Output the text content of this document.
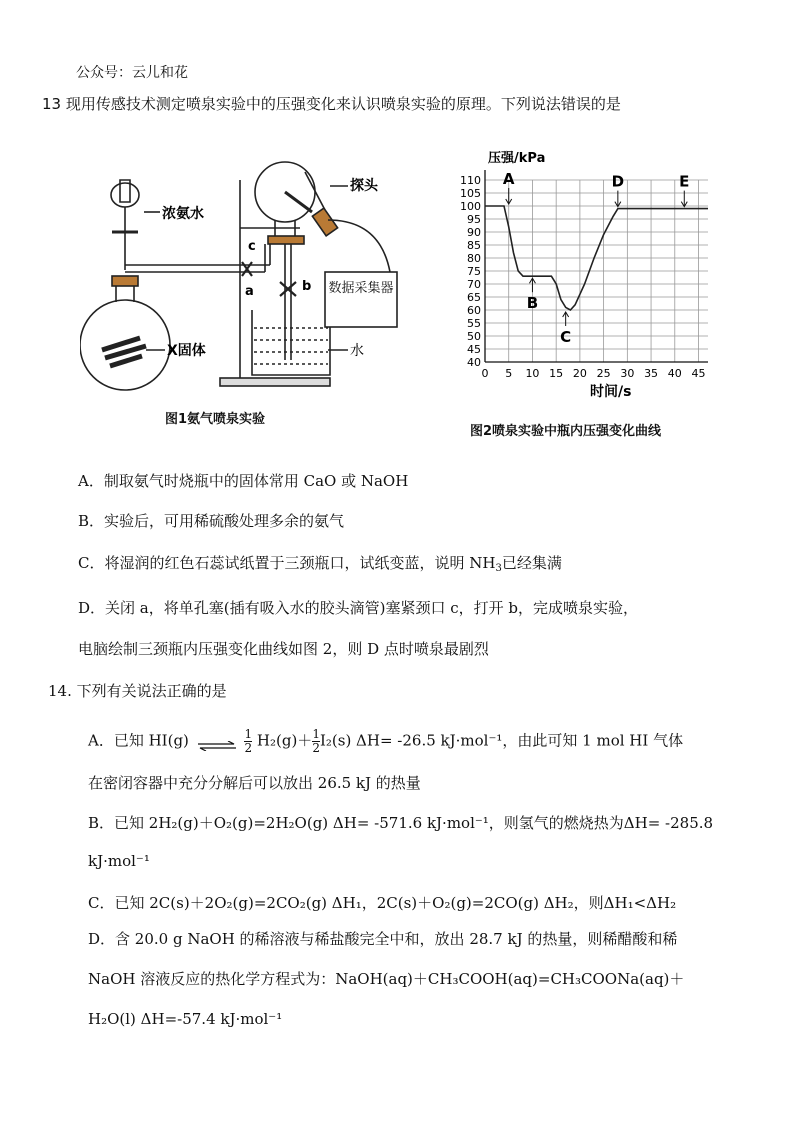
公众号：云儿和花
13 现用传感技术测定喷泉实验中的压强变化来认识喷泉实验的原理。下列说法错误的是
浓氨水
探头
X固体	水
c
a	b 数据采集器
图1氨气喷泉实验
0 5 10 15 20 25 30 35 40 45
40
45
50
55
60
65
70
75
80
85
90
95
100
105
110 A
B
C
D	E
压强/kPa
时间/s
图2喷泉实验中瓶内压强变化曲线
A．制取氨气时烧瓶中的固体常用 CaO 或 NaOH
B．实验后，可用稀硫酸处理多余的氨气
C．将湿润的红色石蕊试纸置于三颈瓶口，试纸变蓝，说明 $NH_3$已经集满
D．关闭 a，将单孔塞(插有吸入水的胶头滴管)塞紧颈口 c，打开 b，完成喷泉实验，
电脑绘制三颈瓶内压强变化曲线如图 2，则 D 点时喷泉最剧烈
14. 下列有关说法正确的是
A．已知 HI(g) ⇌ $\frac{1}{2} H_2(g)+ \frac{1}{2} I_2(s)$ ΔH= -26.5 kJ·mol⁻¹，由此可知 1 mol HI 气体
在密闭容器中充分分解后可以放出 26.5 kJ 的热量
B．已知 2H₂(g)＋O₂(g)=2H₂O(g) ΔH= -571.6 kJ·mol⁻¹，则氢气的燃烧热为ΔH= -285.8
kJ·mol⁻¹
C．已知 2C(s)＋2O₂(g)=2CO₂(g) ΔH₁，2C(s)＋O₂(g)=2CO(g) ΔH₂，则ΔH₁<ΔH₂
D．含 20.0 g NaOH 的稀溶液与稀盐酸完全中和，放出 28.7 kJ 的热量，则稀醋酸和稀
NaOH 溶液反应的热化学方程式为：NaOH(aq)＋CH₃COOH(aq)=CH₃COONa(aq)＋
H₂O(l) ΔH=-57.4 kJ·mol⁻¹
